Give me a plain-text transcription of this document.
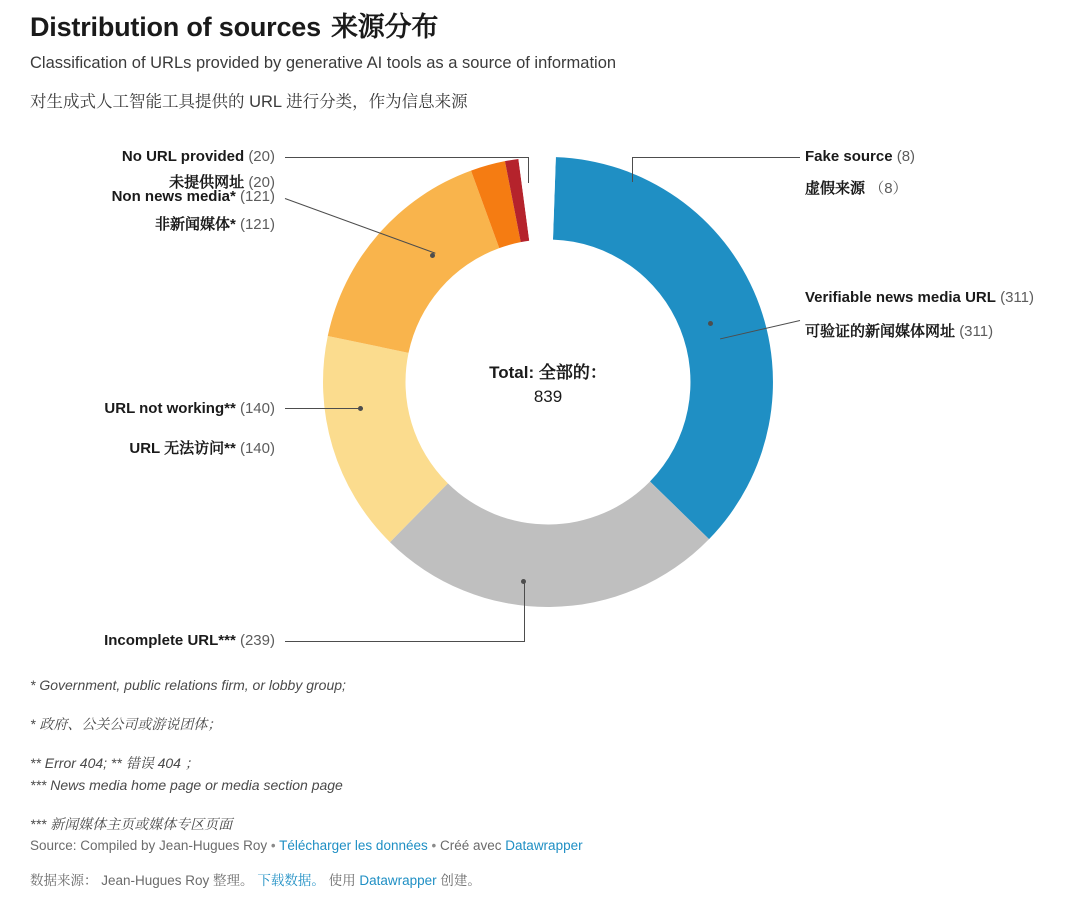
Distribution of sources 来源分布
Classification of URLs provided by generative AI tools as a source of information
对生成式人工智能工具提供的 URL 进行分类，作为信息来源
Total: 全部的：
839
No URL provided (20)
未提供网址 (20)
Non news media* (121)
非新闻媒体* (121)
Fake source (8)
虚假来源 （8）
Verifiable news media URL (311)
可验证的新闻媒体网址 (311)
URL not working** (140)
URL 无法访问** (140)
Incomplete URL*** (239)
* Government, public relations firm, or lobby group;
* 政府、公关公司或游说团体；
** Error 404; ** 错误 404 ；
*** News media home page or media section page
*** 新闻媒体主页或媒体专区页面
Source: Compiled by Jean-Hugues Roy • Télécharger les données • Créé avec Datawrapper
数据来源： Jean-Hugues Roy 整理。 下载数据。 使用 Datawrapper 创建。
